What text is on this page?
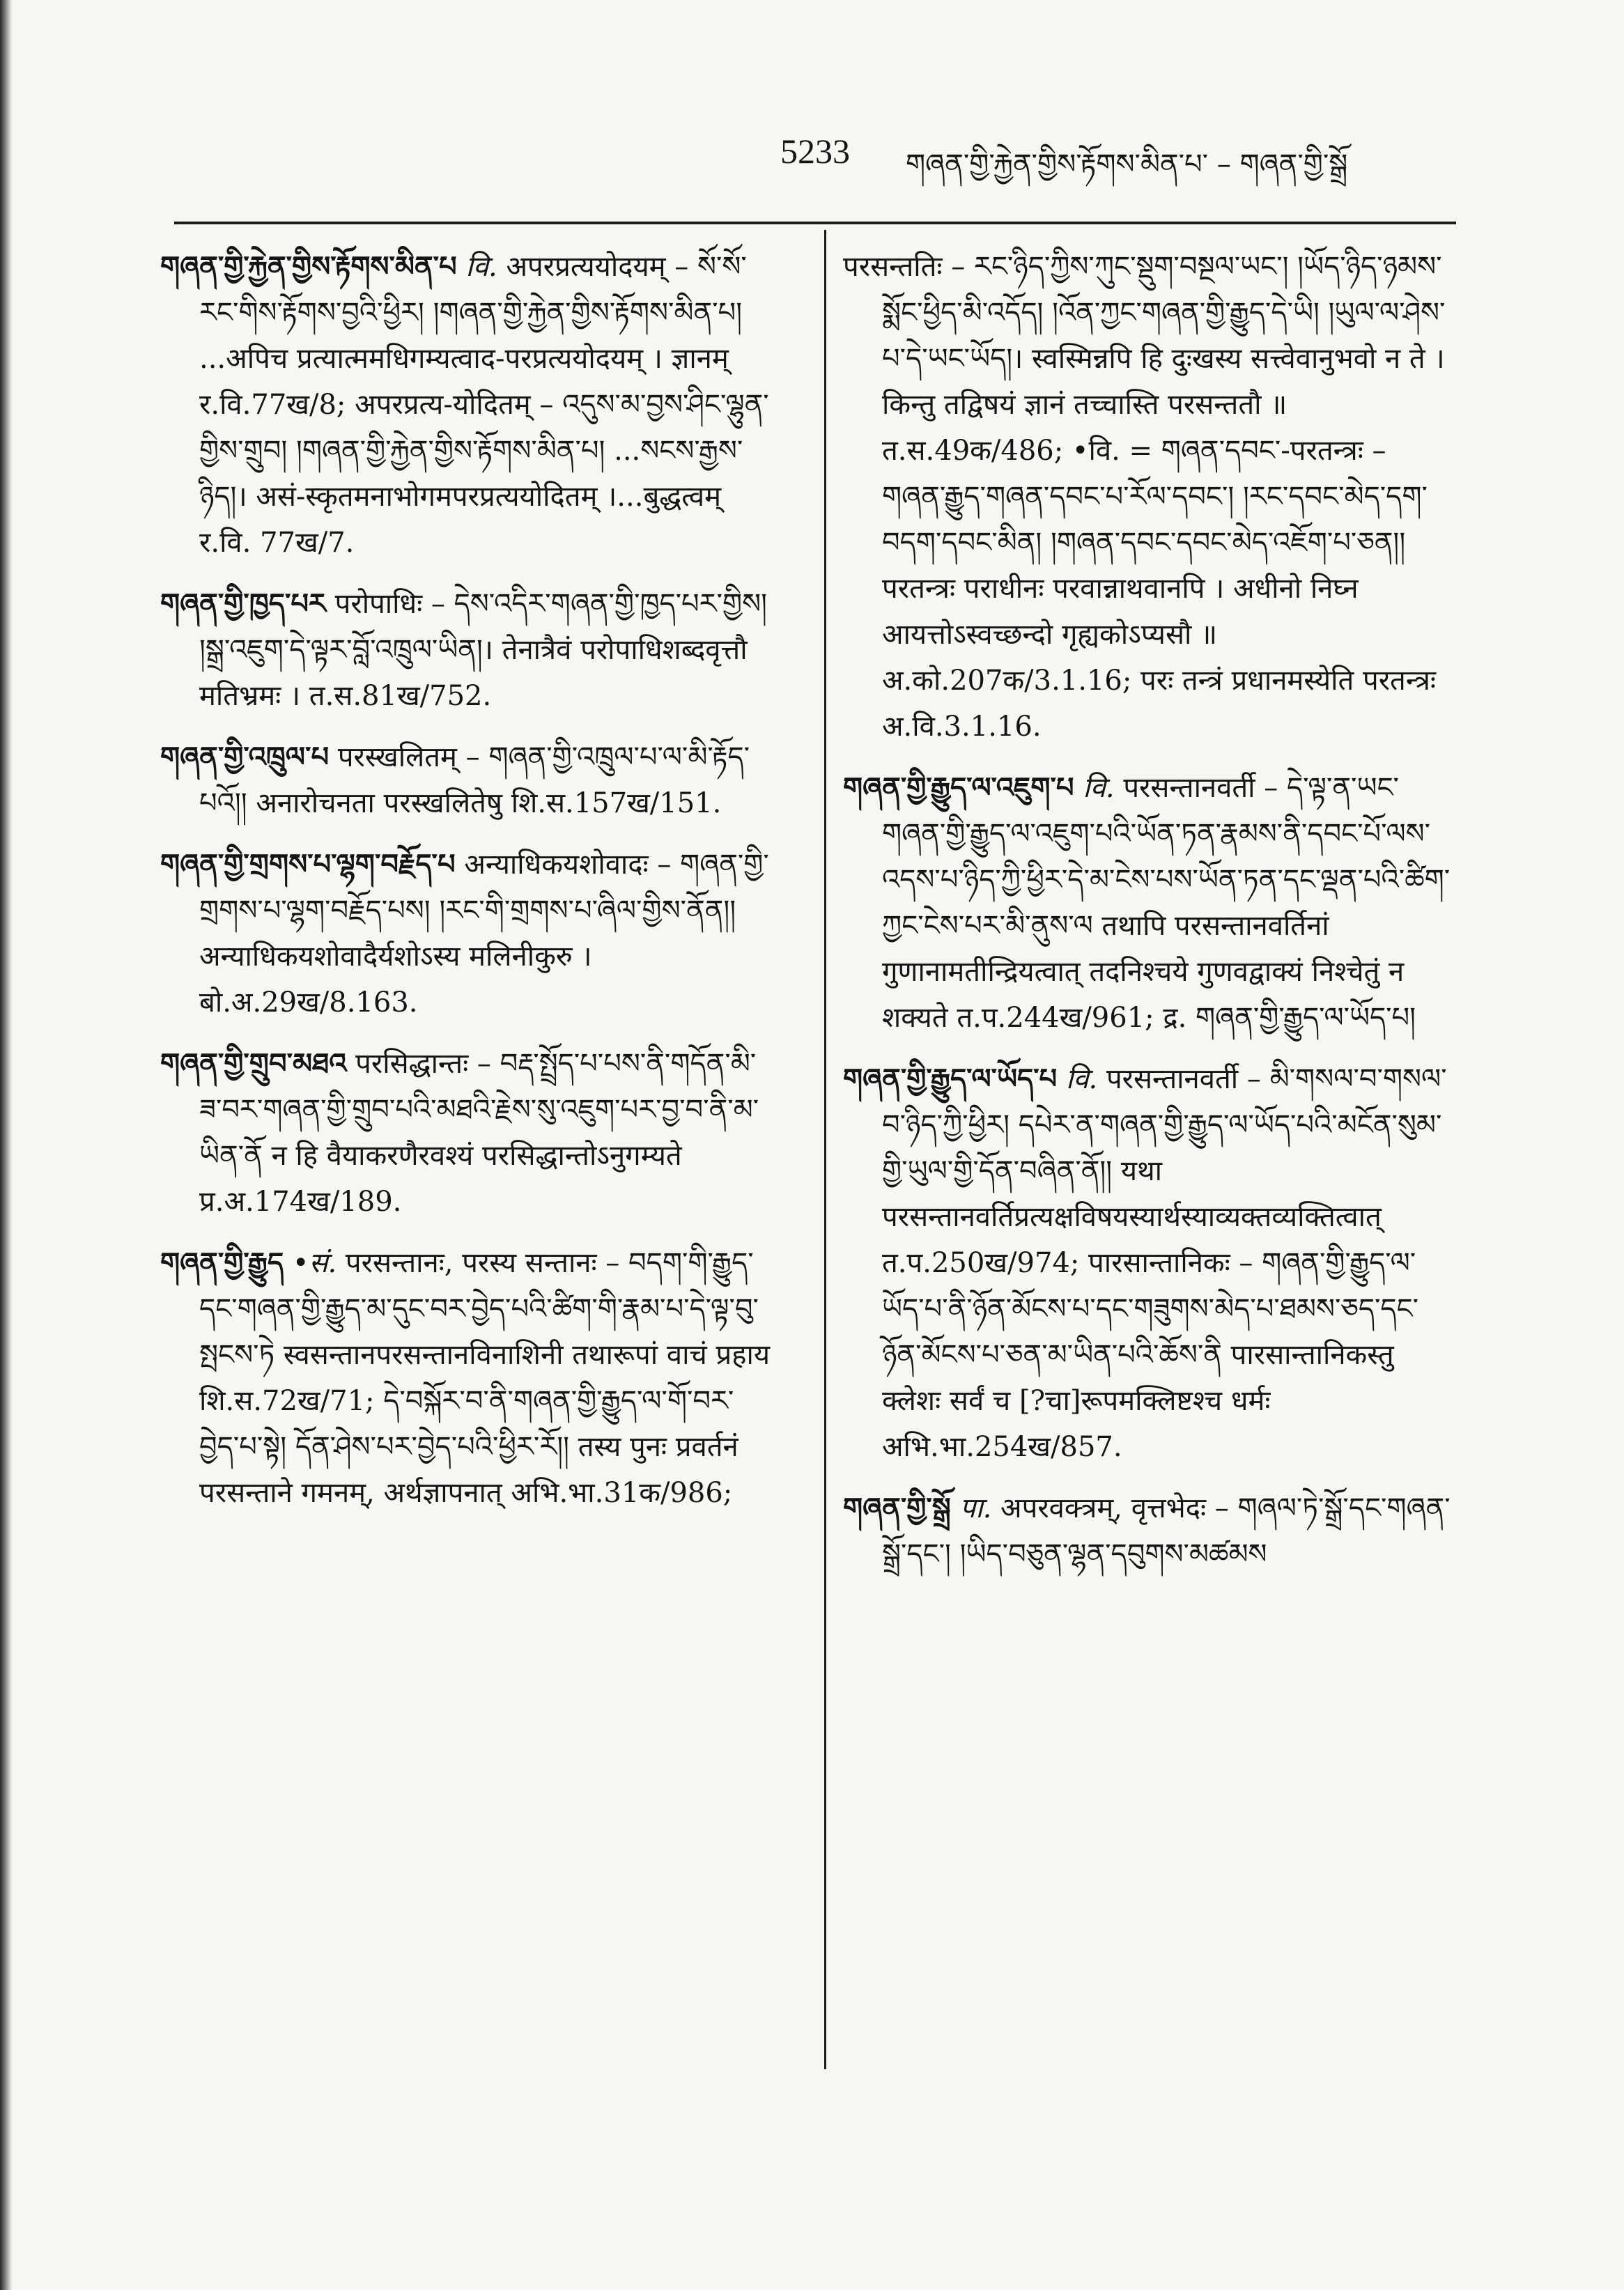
5233 གཞན་གྱི་རྐྱེན་གྱིས་རྟོགས་མིན་པ་ – གཞན་གྱི་སྒྲོ
གཞན་གྱི་རྐྱེན་གྱིས་རྟོགས་མིན་པ वि. अपरप्रत्ययोदयम् – སོ་སོ་རང་གིས་རྟོགས་བྱའི་ཕྱིར། །གཞན་གྱི་རྐྱེན་གྱིས་རྟོགས་མིན་པ། ...अपिच प्रत्यात्ममधिगम्यत्वाद-परप्रत्ययोदयम् । ज्ञानम् र.वि.77ख/8; अपरप्रत्य-योदितम् – འདུས་མ་བྱས་ཤིང་ལྷུན་གྱིས་གྲུབ། །གཞན་གྱི་རྐྱེན་གྱིས་རྟོགས་མིན་པ། ...སངས་རྒྱས་ཉིད།। असं-स्कृतमनाभोगमपरप्रत्ययोदितम् ।...बुद्धत्वम् र.वि. 77ख/7.
གཞན་གྱི་ཁྱད་པར परोपाधिः – དེས་འདིར་གཞན་གྱི་ཁྱད་པར་གྱིས། །སྒྲ་འཇུག་དེ་ལྟར་བློ་འཁྲུལ་ཡིན།। तेनात्रैवं परोपाधिशब्दवृत्तौ मतिभ्रमः । त.स.81ख/752.
གཞན་གྱི་འཁྲུལ་པ परस्खलितम् – གཞན་གྱི་འཁྲུལ་པ་ལ་མི་རྟོད་པའོ།། अनारोचनता परस्खलितेषु शि.स.157ख/151.
གཞན་གྱི་གྲགས་པ་ལྷག་བརྗོད་པ अन्याधिकयशोवादः – གཞན་གྱི་གྲགས་པ་ལྷག་བརྗོད་པས། །རང་གི་གྲགས་པ་ཞིལ་གྱིས་ནོན།། अन्याधिकयशोवादैर्यशोऽस्य मलिनीकुरु । बो.अ.29ख/8.163.
གཞན་གྱི་གྲུབ་མཐའ परसिद्धान्तः – བརྡ་སྤྲོད་པ་པས་ནི་གདོན་མི་ཟ་བར་གཞན་གྱི་གྲུབ་པའི་མཐའི་རྗེས་སུ་འཇུག་པར་བྱ་བ་ནི་མ་ཡིན་ནོ न हि वैयाकरणैरवश्यं परसिद्धान्तोऽनुगम्यते प्र.अ.174ख/189.
གཞན་གྱི་རྒྱུད •सं. परसन्तानः, परस्य सन्तानः – བདག་གི་རྒྱུད་དང་གཞན་གྱི་རྒྱུད་མ་དུང་བར་བྱེད་པའི་ཚིག་གི་རྣམ་པ་དེ་ལྟ་བུ་སྤངས་ཏེ स्वसन्तानपरसन्तानविनाशिनी तथारूपां वाचं प्रहाय शि.स.72ख/71; དེ་བསྐོར་བ་ནི་གཞན་གྱི་རྒྱུད་ལ་གོ་བར་བྱེད་པ་སྟེ། དོན་ཤེས་པར་བྱེད་པའི་ཕྱིར་རོ།། तस्य पुनः प्रवर्तनं परसन्ताने गमनम्, अर्थज्ञापनात् अभि.भा.31क/986;
परसन्ततिः – རང་ཉིད་ཀྱིས་ཀུང་སྡུག་བསྔལ་ཡང་། །ཡོད་ཉིད་ཉམས་སྨོང་ཕྱིད་མི་འདོད། །འོན་ཀྱང་གཞན་གྱི་རྒྱུད་དེ་ཡི། །ཡུལ་ལ་ཤེས་པ་དེ་ཡང་ཡོད།। स्वस्मिन्नपि हि दुःखस्य सत्त्वेवानुभवो न ते । किन्तु तद्विषयं ज्ञानं तच्चास्ति परसन्ततौ ॥ त.स.49क/486; •वि. = གཞན་དབང་-परतन्त्रः – གཞན་རྒྱུད་གཞན་དབང་པ་རོལ་དབང་། །རང་དབང་མེད་དག་བདག་དབང་མིན། །གཞན་དབང་དབང་མེད་འཇོག་པ་ཅན།། परतन्त्रः पराधीनः परवान्नाथवानपि । अधीनो निघ्न आयत्तोऽस्वच्छन्दो गृह्यकोऽप्यसौ ॥ अ.को.207क/3.1.16; परः तन्त्रं प्रधानमस्येति परतन्त्रः अ.वि.3.1.16.
གཞན་གྱི་རྒྱུད་ལ་འཇུག་པ वि. परसन्तानवर्ती – དེ་ལྟ་ན་ཡང་གཞན་གྱི་རྒྱུད་ལ་འཇུག་པའི་ཡོན་ཏན་རྣམས་ནི་དབང་པོ་ལས་འདས་པ་ཉིད་ཀྱི་ཕྱིར་དེ་མ་ངེས་པས་ཡོན་ཏན་དང་ལྡན་པའི་ཚིག་ཀྱང་ངེས་པར་མི་ནུས་ལ तथापि परसन्तानवर्तिनां गुणानामतीन्द्रियत्वात् तदनिश्चये गुणवद्वाक्यं निश्चेतुं न शक्यते त.प.244ख/961; द्र. གཞན་གྱི་རྒྱུད་ལ་ཡོད་པ།
གཞན་གྱི་རྒྱུད་ལ་ཡོད་པ वि. परसन्तानवर्ती – མི་གསལ་བ་གསལ་བ་ཉིད་ཀྱི་ཕྱིར། དཔེར་ན་གཞན་གྱི་རྒྱུད་ལ་ཡོད་པའི་མངོན་སུམ་གྱི་ཡུལ་གྱི་དོན་བཞིན་ནོ།། यथा परसन्तानवर्तिप्रत्यक्षविषयस्यार्थस्याव्यक्तव्यक्तित्वात् त.प.250ख/974; पारसान्तानिकः – གཞན་གྱི་རྒྱུད་ལ་ཡོད་པ་ནི་ཉོན་མོངས་པ་དང་གཟུགས་མེད་པ་ཐམས་ཅད་དང་ཉོན་མོངས་པ་ཅན་མ་ཡིན་པའི་ཆོས་ནི पारसान्तानिकस्तु क्लेशः सर्वं च [?चा]रूपमक्लिष्टश्च धर्मः अभि.भा.254ख/857.
གཞན་གྱི་སྒྲོ पा. अपरवक्त्रम्, वृत्तभेदः – གཞལ་ཏེ་སྒྲོ་དང་གཞན་སྒྲོ་དང་། །ཡིད་བཅུན་ལྷན་དབུགས་མཚམས
